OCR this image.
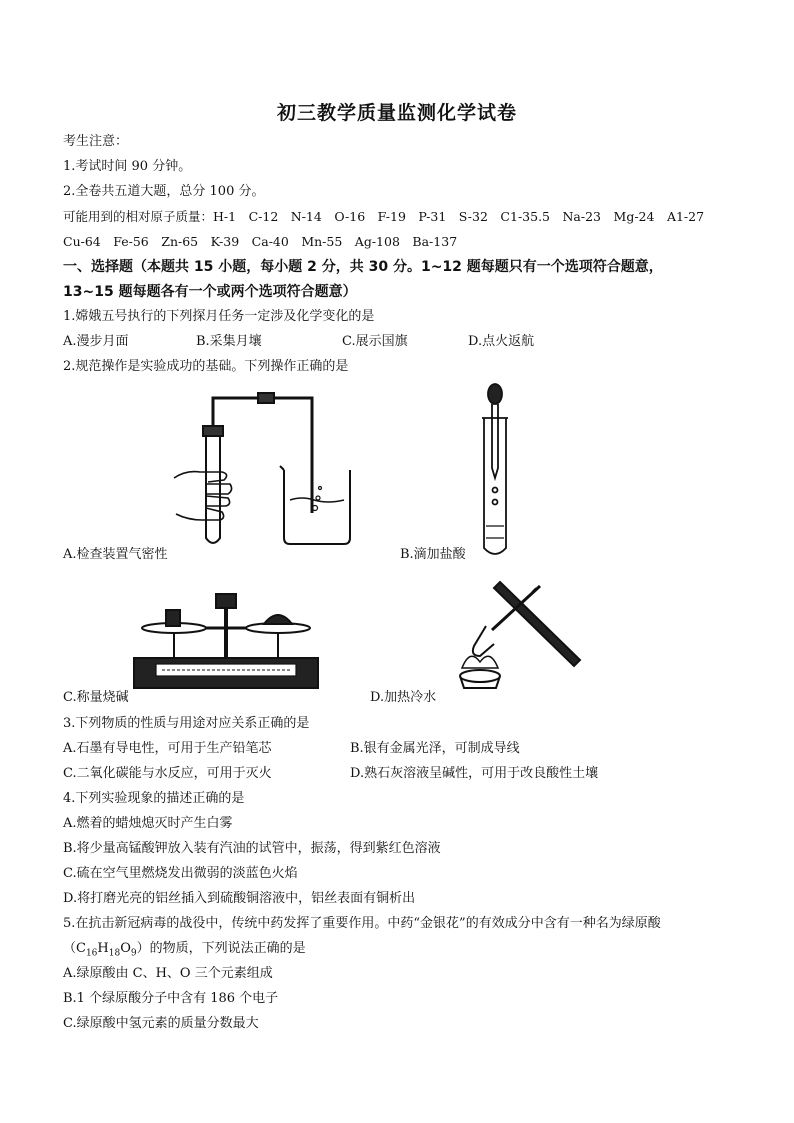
初三教学质量监测化学试卷
考生注意：
1.考试时间 90 分钟。
2.全卷共五道大题，总分 100 分。
可能用到的相对原子质量：H-1　C-12　N-14　O-16　F-19　P-31　S-32　C1-35.5　Na-23　Mg-24　A1-27
Cu-64　Fe-56　Zn-65　K-39　Ca-40　Mn-55　Ag-108　Ba-137
一、选择题（本题共 15 小题，每小题 2 分，共 30 分。1~12 题每题只有一个选项符合题意，
13~15 题每题各有一个或两个选项符合题意）
1.嫦娥五号执行的下列探月任务一定涉及化学变化的是
A.漫步月面	B.采集月壤	C.展示国旗	D.点火返航
2.规范操作是实验成功的基础。下列操作正确的是
A.检查装置气密性	B.滴加盐酸
C.称量烧碱	D.加热冷水
3.下列物质的性质与用途对应关系正确的是
A.石墨有导电性，可用于生产铅笔芯	B.银有金属光泽，可制成导线
C.二氧化碳能与水反应，可用于灭火	D.熟石灰溶液呈碱性，可用于改良酸性土壤
4.下列实验现象的描述正确的是
A.燃着的蜡烛熄灭时产生白雾
B.将少量高锰酸钾放入装有汽油的试管中，振荡，得到紫红色溶液
C.硫在空气里燃烧发出微弱的淡蓝色火焰
D.将打磨光亮的铝丝插入到硫酸铜溶液中，铝丝表面有铜析出
5.在抗击新冠病毒的战役中，传统中药发挥了重要作用。中药“金银花”的有效成分中含有一种名为绿原酸
$(C_{16}H_{18}O_9)$的物质，下列说法正确的是
A.绿原酸由 C、H、O 三个元素组成
B.1 个绿原酸分子中含有 186 个电子
C.绿原酸中氢元素的质量分数最大
